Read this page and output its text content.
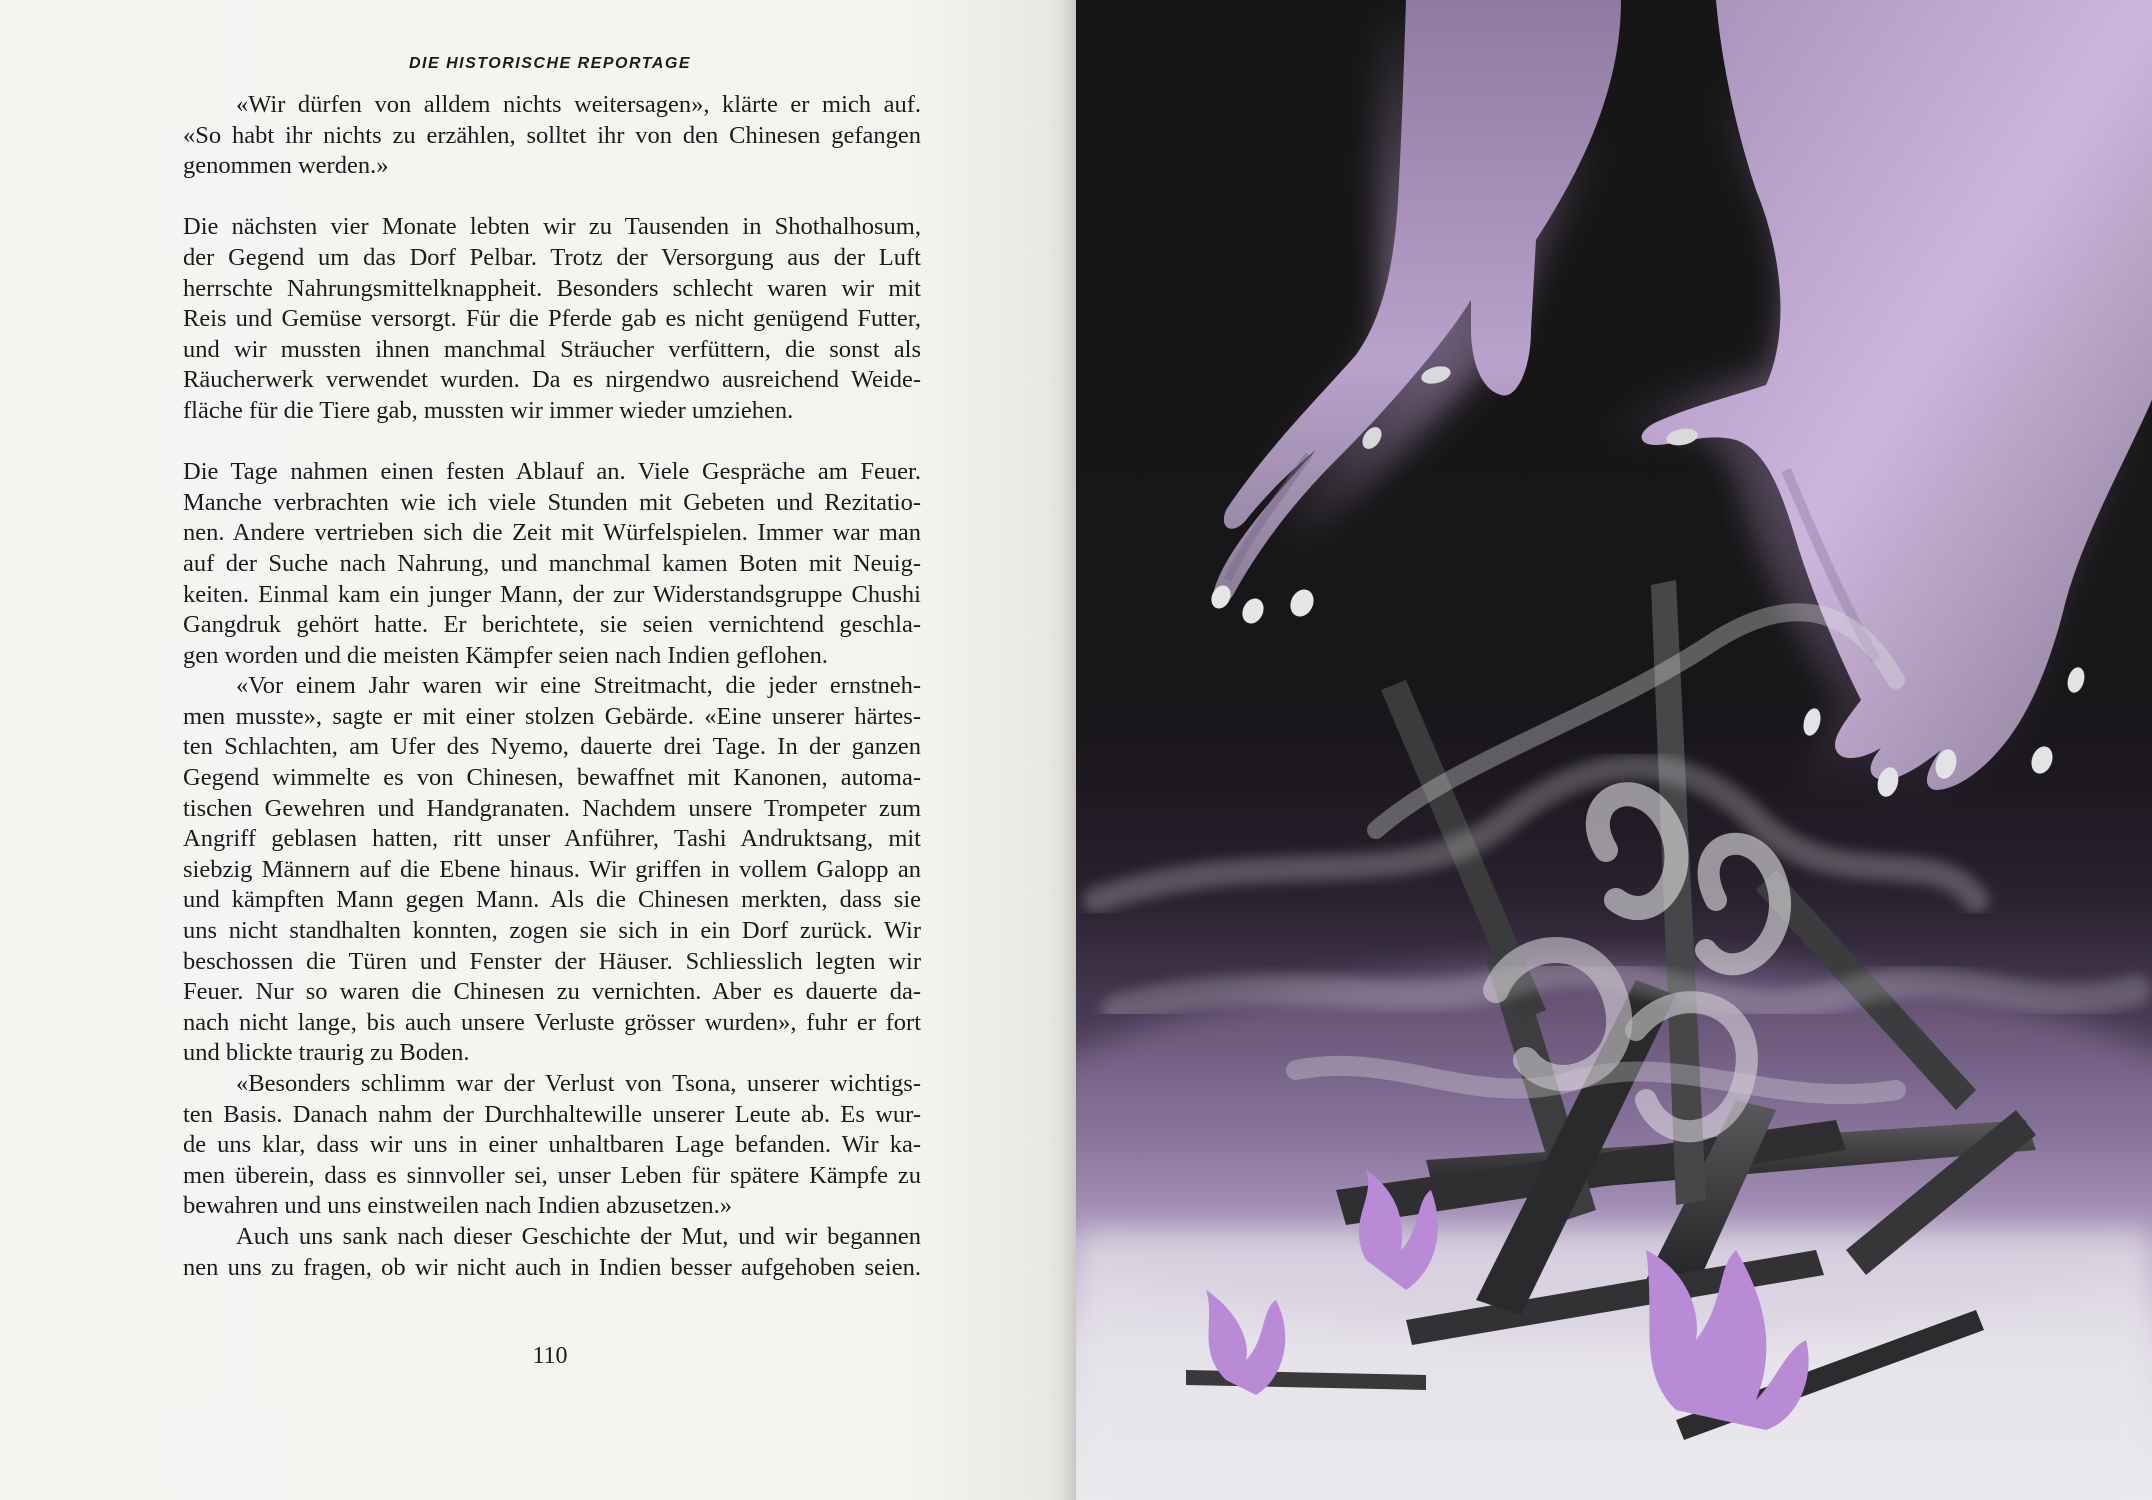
DIE HISTORISCHE REPORTAGE
«Wir dürfen von alldem nichts weitersagen», klärte er mich auf.
«So habt ihr nichts zu erzählen, solltet ihr von den Chinesen gefangen
genommen werden.»
Die nächsten vier Monate lebten wir zu Tausenden in Shothalhosum,
der Gegend um das Dorf Pelbar. Trotz der Versorgung aus der Luft
herrschte Nahrungsmittelknappheit. Besonders schlecht waren wir mit
Reis und Gemüse versorgt. Für die Pferde gab es nicht genügend Futter,
und wir mussten ihnen manchmal Sträucher verfüttern, die sonst als
Räucherwerk verwendet wurden. Da es nirgendwo ausreichend Weide-
fläche für die Tiere gab, mussten wir immer wieder umziehen.
Die Tage nahmen einen festen Ablauf an. Viele Gespräche am Feuer.
Manche verbrachten wie ich viele Stunden mit Gebeten und Rezitatio-
nen. Andere vertrieben sich die Zeit mit Würfelspielen. Immer war man
auf der Suche nach Nahrung, und manchmal kamen Boten mit Neuig-
keiten. Einmal kam ein junger Mann, der zur Widerstandsgruppe Chushi
Gangdruk gehört hatte. Er berichtete, sie seien vernichtend geschla-
gen worden und die meisten Kämpfer seien nach Indien geflohen.
«Vor einem Jahr waren wir eine Streitmacht, die jeder ernstneh-
men musste», sagte er mit einer stolzen Gebärde. «Eine unserer härtes-
ten Schlachten, am Ufer des Nyemo, dauerte drei Tage. In der ganzen
Gegend wimmelte es von Chinesen, bewaffnet mit Kanonen, automa-
tischen Gewehren und Handgranaten. Nachdem unsere Trompeter zum
Angriff geblasen hatten, ritt unser Anführer, Tashi Andruktsang, mit
siebzig Männern auf die Ebene hinaus. Wir griffen in vollem Galopp an
und kämpften Mann gegen Mann. Als die Chinesen merkten, dass sie
uns nicht standhalten konnten, zogen sie sich in ein Dorf zurück. Wir
beschossen die Türen und Fenster der Häuser. Schliesslich legten wir
Feuer. Nur so waren die Chinesen zu vernichten. Aber es dauerte da-
nach nicht lange, bis auch unsere Verluste grösser wurden», fuhr er fort
und blickte traurig zu Boden.
«Besonders schlimm war der Verlust von Tsona, unserer wichtigs-
ten Basis. Danach nahm der Durchhaltewille unserer Leute ab. Es wur-
de uns klar, dass wir uns in einer unhaltbaren Lage befanden. Wir ka-
men überein, dass es sinnvoller sei, unser Leben für spätere Kämpfe zu
bewahren und uns einstweilen nach Indien abzusetzen.»
Auch uns sank nach dieser Geschichte der Mut, und wir begannen
nen uns zu fragen, ob wir nicht auch in Indien besser aufgehoben seien.
110
